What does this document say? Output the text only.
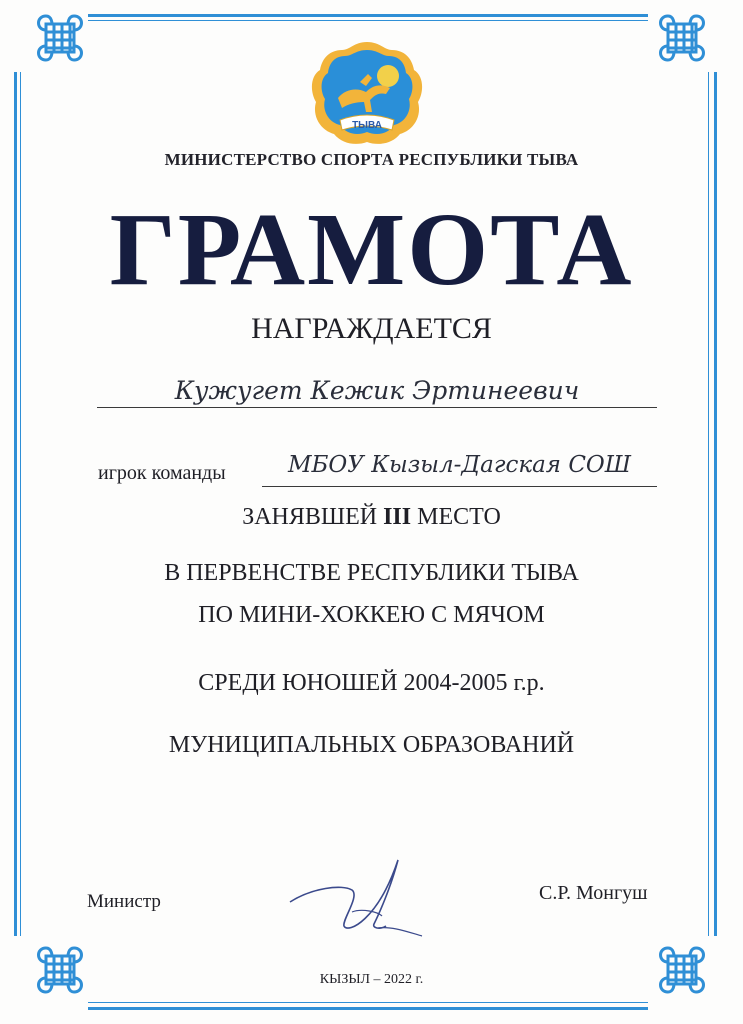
ТЫВА
МИНИСТЕРСТВО СПОРТА РЕСПУБЛИКИ ТЫВА
ГРАМОТА
НАГРАЖДАЕТСЯ
Кужугет Кежик Эртинеевич
игрок команды	МБОУ Кызыл-Дагская СОШ
ЗАНЯВШЕЙ III МЕСТО
В ПЕРВЕНСТВЕ РЕСПУБЛИКИ ТЫВА
ПО МИНИ-ХОККЕЮ С МЯЧОМ
СРЕДИ ЮНОШЕЙ 2004-2005 г.р.
МУНИЦИПАЛЬНЫХ ОБРАЗОВАНИЙ
Министр	С.Р. Монгуш
КЫЗЫЛ – 2022 г.
